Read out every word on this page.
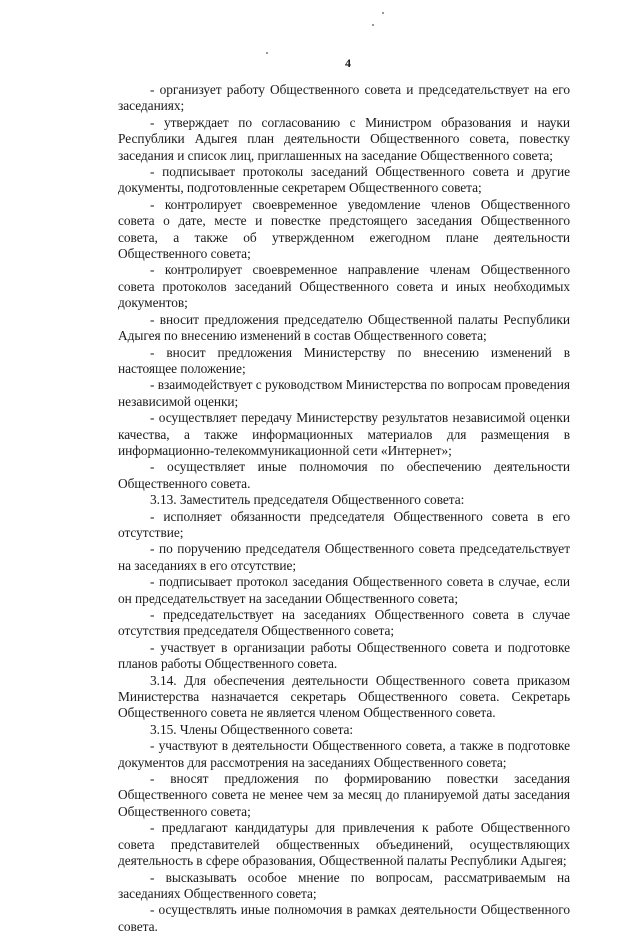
4

- организует работу Общественного совета и председательствует на его заседаниях;

- утверждает по согласованию с Министром образования и науки Республики Адыгея план деятельности Общественного совета, повестку заседания и список лиц, приглашенных на заседание Общественного совета;

- подписывает протоколы заседаний Общественного совета и другие документы, подготовленные секретарем Общественного совета;

- контролирует своевременное уведомление членов Общественного совета о дате, месте и повестке предстоящего заседания Общественного совета, а также об утвержденном ежегодном плане деятельности Общественного совета;

- контролирует своевременное направление членам Общественного совета протоколов заседаний Общественного совета и иных необходимых документов;

- вносит предложения председателю Общественной палаты Республики Адыгея по внесению изменений в состав Общественного совета;

- вносит предложения Министерству по внесению изменений в настоящее положение;

- взаимодействует с руководством Министерства по вопросам проведения независимой оценки;

- осуществляет передачу Министерству результатов независимой оценки качества, а также информационных материалов для размещения в информационно-телекоммуникационной сети «Интернет»;

- осуществляет иные полномочия по обеспечению деятельности Общественного совета.

3.13. Заместитель председателя Общественного совета:

- исполняет обязанности председателя Общественного совета в его отсутствие;

- по поручению председателя Общественного совета председательствует на заседаниях в его отсутствие;

- подписывает протокол заседания Общественного совета в случае, если он председательствует на заседании Общественного совета;

- председательствует на заседаниях Общественного совета в случае отсутствия председателя Общественного совета;

- участвует в организации работы Общественного совета и подготовке планов работы Общественного совета.

3.14. Для обеспечения деятельности Общественного совета приказом Министерства назначается секретарь Общественного совета. Секретарь Общественного совета не является членом Общественного совета.

3.15. Члены Общественного совета:

- участвуют в деятельности Общественного совета, а также в подготовке документов для рассмотрения на заседаниях Общественного совета;

- вносят предложения по формированию повестки заседания Общественного совета не менее чем за месяц до планируемой даты заседания Общественного совета;

- предлагают кандидатуры для привлечения к работе Общественного совета представителей общественных объединений, осуществляющих деятельность в сфере образования, Общественной палаты Республики Адыгея;

- высказывать особое мнение по вопросам, рассматриваемым на заседаниях Общественного совета;

- осуществлять иные полномочия в рамках деятельности Общественного совета.
